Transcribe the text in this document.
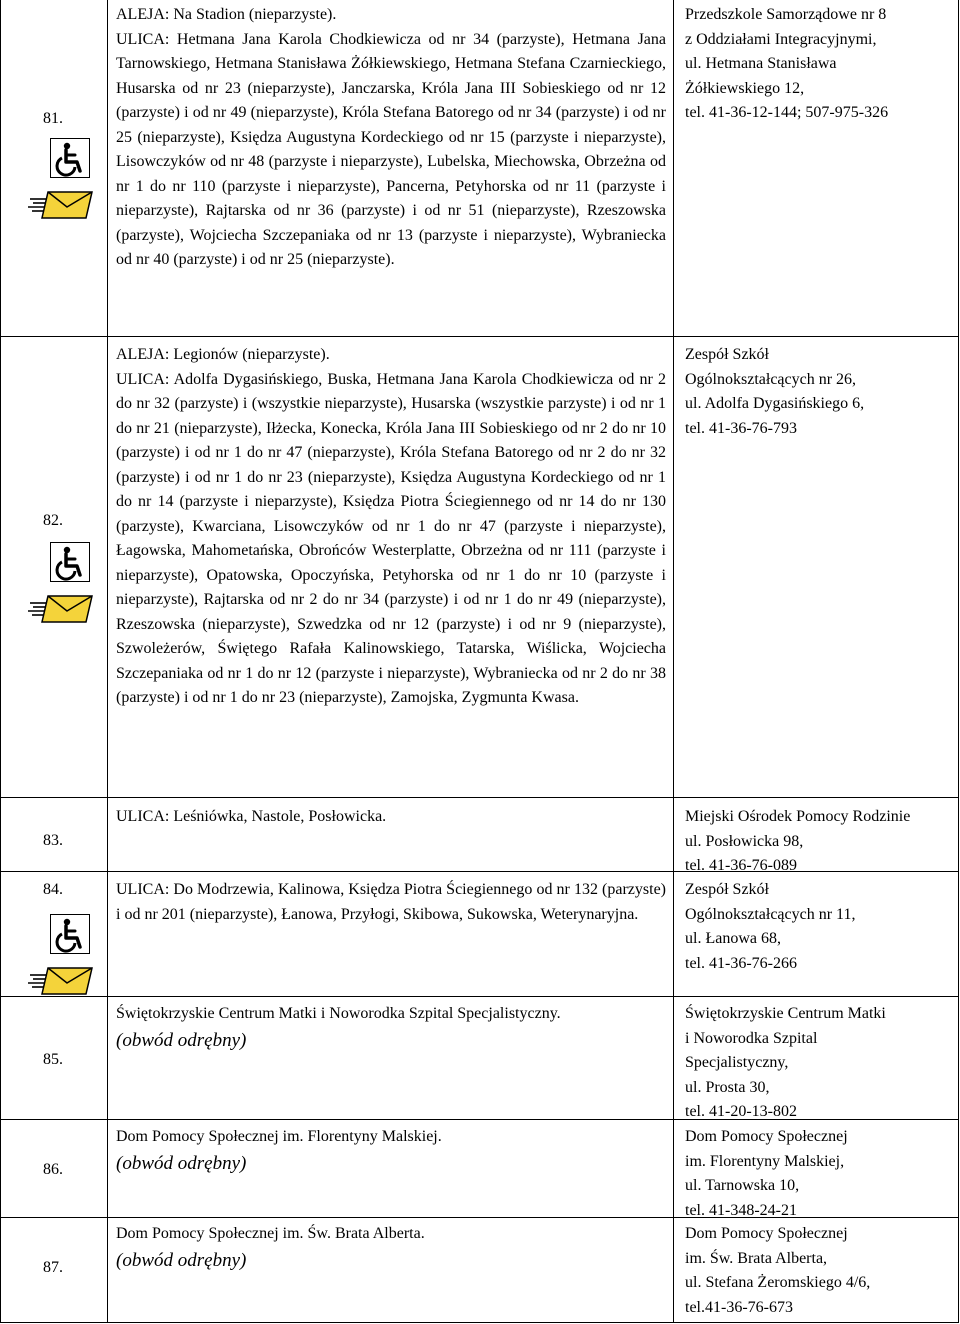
81.

ALEJA: Na Stadion (nieparzyste).

ULICA: Hetmana Jana Karola Chodkiewicza od nr 34 (parzyste), Hetmana Jana Tarnowskiego, Hetmana Stanisława Żółkiewskiego, Hetmana Stefana Czarnieckiego, Husarska od nr 23 (nieparzyste), Janczarska, Króla Jana III Sobieskiego od nr 12 (parzyste) i od nr 49 (nieparzyste), Króla Stefana Batorego od nr 34 (parzyste) i od nr 25 (nieparzyste), Księdza Augustyna Kordeckiego od nr 15 (parzyste i nieparzyste), Lisowczyków od nr 48 (parzyste i nieparzyste), Lubelska, Miechowska, Obrzeżna od nr 1 do nr 110 (parzyste i nieparzyste), Pancerna, Petyhorska od nr 11 (parzyste i nieparzyste), Rajtarska od nr 36 (parzyste) i od nr 51 (nieparzyste), Rzeszowska (parzyste), Wojciecha Szczepaniaka od nr 13 (parzyste i nieparzyste), Wybraniecka od nr 40 (parzyste) i od nr 25 (nieparzyste).

Przedszkole Samorządowe nr 8
z Oddziałami Integracyjnymi,
ul. Hetmana Stanisława
Żółkiewskiego 12,
tel. 41-36-12-144; 507-975-326
82.

ALEJA: Legionów (nieparzyste).

ULICA: Adolfa Dygasińskiego, Buska, Hetmana Jana Karola Chodkiewicza od nr 2 do nr 32 (parzyste) i (wszystkie nieparzyste), Husarska (wszystkie parzyste) i od nr 1 do nr 21 (nieparzyste), Iłżecka, Konecka, Króla Jana III Sobieskiego od nr 2 do nr 10 (parzyste) i od nr 1 do nr 47 (nieparzyste), Króla Stefana Batorego od nr 2 do nr 32 (parzyste) i od nr 1 do nr 23 (nieparzyste), Księdza Augustyna Kordeckiego od nr 1 do nr 14 (parzyste i nieparzyste), Księdza Piotra Ściegiennego od nr 14 do nr 130 (parzyste), Kwarciana, Lisowczyków od nr 1 do nr 47 (parzyste i nieparzyste), Łagowska, Mahometańska, Obrońców Westerplatte, Obrzeżna od nr 111 (parzyste i nieparzyste), Opatowska, Opoczyńska, Petyhorska od nr 1 do nr 10 (parzyste i nieparzyste), Rajtarska od nr 2 do nr 34 (parzyste) i od nr 1 do nr 49 (nieparzyste), Rzeszowska (nieparzyste), Szwedzka od nr 12 (parzyste) i od nr 9 (nieparzyste), Szwoleżerów, Świętego Rafała Kalinowskiego, Tatarska, Wiślicka, Wojciecha Szczepaniaka od nr 1 do nr 12 (parzyste i nieparzyste), Wybraniecka od nr 2 do nr 38 (parzyste) i od nr 1 do nr 23 (nieparzyste), Zamojska, Zygmunta Kwasa.

Zespół Szkół
Ogólnokształcących nr 26,
ul. Adolfa Dygasińskiego 6,
tel. 41-36-76-793
83.

ULICA: Leśniówka, Nastole, Posłowicka.	Miejski Ośrodek Pomocy Rodzinie
ul. Posłowicka 98,
tel. 41-36-76-089
84.	ULICA: Do Modrzewia, Kalinowa, Księdza Piotra Ściegiennego od nr 132 (parzyste) i od nr 201 (nieparzyste), Łanowa, Przyłogi, Skibowa, Sukowska, Weterynaryjna.

Zespół Szkół
Ogólnokształcących nr 11,
ul. Łanowa 68,
tel. 41-36-76-266
85.

Świętokrzyskie Centrum Matki i Noworodka Szpital Specjalistyczny.

(obwód odrębny)

Świętokrzyskie Centrum Matki
i Noworodka Szpital
Specjalistyczny,
ul. Prosta 30,
tel. 41-20-13-802
86.

Dom Pomocy Społecznej im. Florentyny Malskiej.

(obwód odrębny)

Dom Pomocy Społecznej
im. Florentyny Malskiej,
ul. Tarnowska 10,
tel. 41-348-24-21
87.

Dom Pomocy Społecznej im. Św. Brata Alberta.

(obwód odrębny)

Dom Pomocy Społecznej
im. Św. Brata Alberta,
ul. Stefana Żeromskiego 4/6,
tel.41-36-76-673
